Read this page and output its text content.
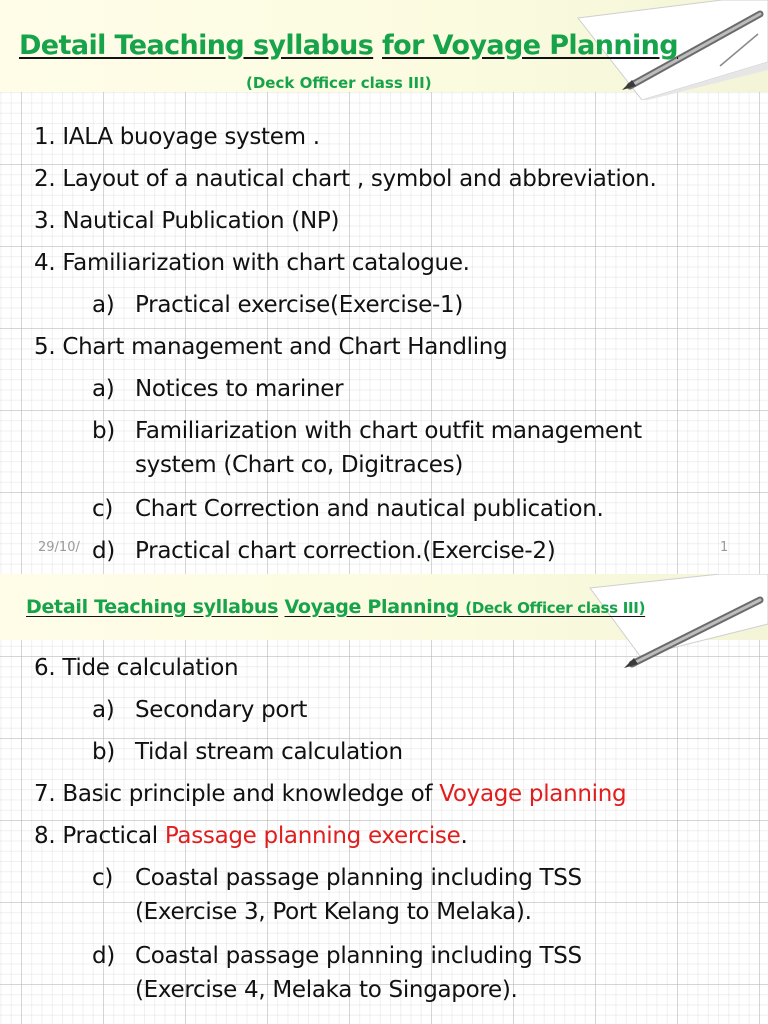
Detail Teaching syllabus for Voyage Planning
(Deck Officer class III)
1. IALA buoyage system .
2. Layout of a nautical chart , symbol and abbreviation.
3. Nautical Publication (NP)
4. Familiarization with chart catalogue.
a) Practical exercise(Exercise-1)
5. Chart management and Chart Handling
a) Notices to mariner
b) Familiarization with chart outfit management
system (Chart co, Digitraces)
c) Chart Correction and nautical publication.
d) Practical chart correction.(Exercise-2)
29/10/	1
Detail Teaching syllabus Voyage Planning (Deck Officer class III)
6. Tide calculation
a) Secondary port
b) Tidal stream calculation
7. Basic principle and knowledge of Voyage planning
8. Practical Passage planning exercise.
c) Coastal passage planning including TSS
(Exercise 3, Port Kelang to Melaka).
d) Coastal passage planning including TSS
(Exercise 4, Melaka to Singapore).
